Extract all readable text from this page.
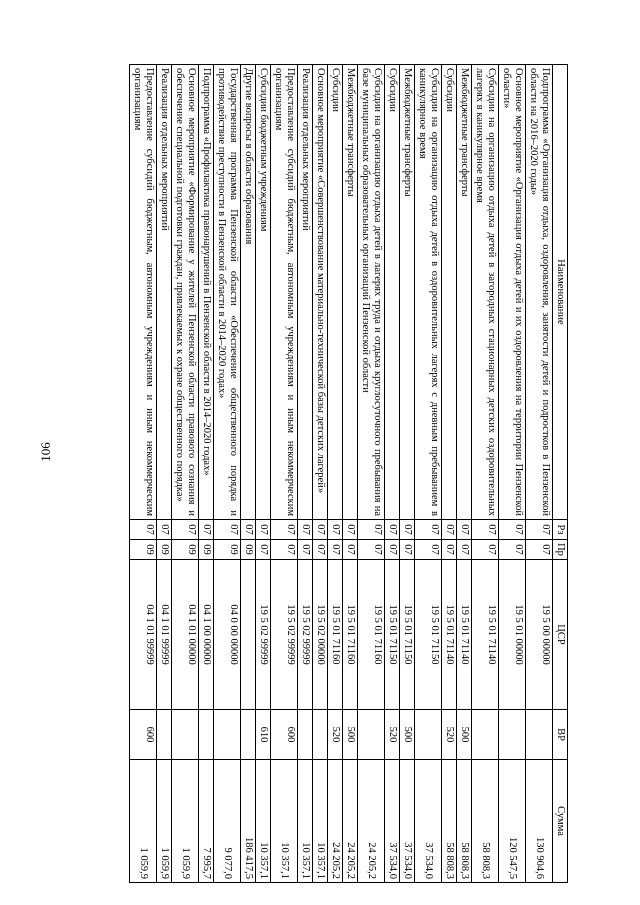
106
Наименование	Рз	Пр	ЦСР	ВР	Сумма
Подпрограмма «Организация отдыха, оздоровления, занятости детей и подростков в Пензенской области на 2016–2020 годы»	07	07	19 5 00 00000		130 904,6
Основное мероприятие «Организация отдыха детей и их оздоровления на территории Пензенской области»	07	07	19 5 01 00000		120 547,5
Субсидии на организацию отдыха детей в загородных стационарных детских оздоровительных лагерях в каникулярное время	07	07	19 5 01 71140		58 808,3
Межбюджетные трансферты	07	07	19 5 01 71140	500	58 808,3
Субсидии	07	07	19 5 01 71140	520	58 808,3
Субсидии на организацию отдыха детей в оздоровительных лагерях с дневным пребыванием в каникулярное время	07	07	19 5 01 71150		37 534,0
Межбюджетные трансферты	07	07	19 5 01 71150	500	37 534,0
Субсидии	07	07	19 5 01 71150	520	37 534,0
Субсидии на организацию отдыха детей в лагерях труда и отдыха круглосуточного пребывания на базе муниципальных образовательных организаций Пензенской области	07	07	19 5 01 71160		24 205,2
Межбюджетные трансферты	07	07	19 5 01 71160	500	24 205,2
Субсидии	07	07	19 5 01 71160	520	24 205,2
Основное мероприятие «Совершенствование материально-технической базы детских лагерей»	07	07	19 5 02 00000		10 357,1
Реализация отдельных мероприятий	07	07	19 5 02 99999		10 357,1
Предоставление субсидий бюджетным, автономным учреждениям и иным некоммерческим организациям	07	07	19 5 02 99999	600	10 357,1
Субсидии бюджетным учреждениям	07	07	19 5 02 99999	610	10 357,1
Другие вопросы в области образования	07	09			186 417,5
Государственная программа Пензенской области «Обеспечение общественного порядка и противодействие преступности в Пензенской области в 2014–2020 годах»	07	09	04 0 00 00000		9 077,0
Подпрограмма «Профилактика правонарушений в Пензенской области в 2014–2020 годах»	07	09	04 1 00 00000		7 995,7
Основное мероприятие «Формирование у жителей Пензенской области правового сознания и обеспечение специальной подготовки граждан, привлекаемых к охране общественного порядка»	07	09	04 1 01 00000		1 059,9
Реализация отдельных мероприятий	07	09	04 1 01 99999		1 059,9
Предоставление субсидий бюджетным, автономным учреждениям и иным некоммерческим организациям	07	09	04 1 01 99999	600	1 059,9
